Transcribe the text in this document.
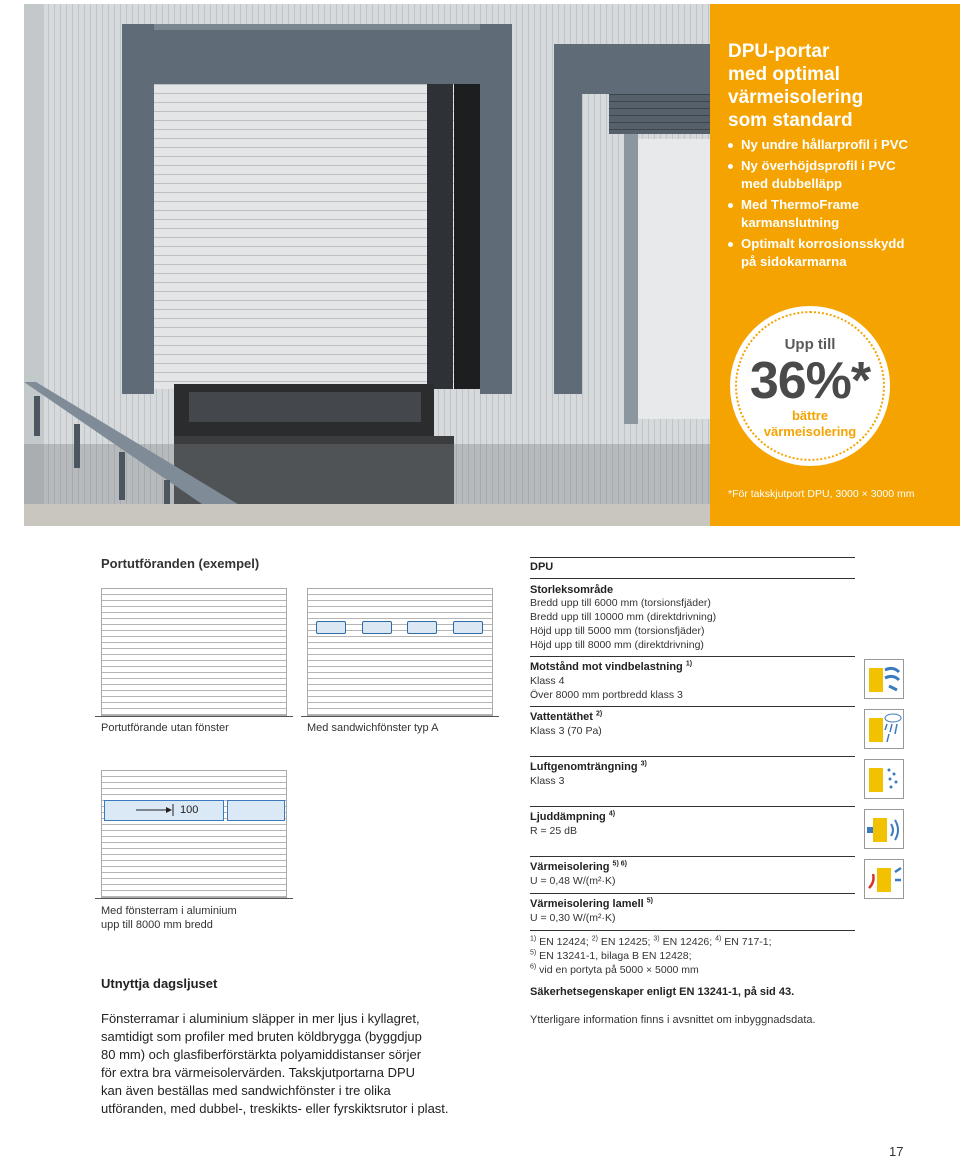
DPU-portar
med optimal
värmeisolering
som standard
Ny undre hållarprofil i PVC
Ny överhöjdsprofil i PVC
med dubbelläpp
Med ThermoFrame
karmanslutning
Optimalt korrosionsskydd
på sidokarmarna
Upp till
36%*
bättre
värmeisolering
*För takskjutport DPU, 3000 × 3000 mm
Portutföranden (exempel)
Portutförande utan fönster	Med sandwichfönster typ A
100
Med fönsterram i aluminium
upp till 8000 mm bredd
Utnyttja dagsljuset
Fönsterramar i aluminium släpper in mer ljus i kyllagret,
samtidigt som profiler med bruten köldbrygga (byggdjup
80 mm) och glasfiberförstärkta polyamiddistanser sörjer
för extra bra värmeisolervärden. Takskjutportarna DPU
kan även beställas med sandwichfönster i tre olika
utföranden, med dubbel-, treskikts- eller fyrskiktsrutor i plast.
DPU
Storleksområde
Bredd upp till 6000 mm (torsionsfjäder)
Bredd upp till 10000 mm (direktdrivning)
Höjd upp till 5000 mm (torsionsfjäder)
Höjd upp till 8000 mm (direktdrivning)
Motstånd mot vindbelastning $^{1)}$
Klass 4
Över 8000 mm portbredd klass 3
Vattentäthet $^{2)}$
Klass 3 (70 Pa)
Luftgenomträngning $^{3)}$
Klass 3
Ljuddämpning $^{4)}$
R = 25 dB
Värmeisolering $^{5) 6)}$
U = 0,48 W/(m²·K)
Värmeisolering lamell $^{5)}$
U = 0,30 W/(m²·K)
$^{1)}$ EN 12424; $^{2)}$ EN 12425; $^{3)}$ EN 12426; $^{4)}$ EN 717-1;
$^{5)}$ EN 13241-1, bilaga B EN 12428;
$^{6)}$ vid en portyta på 5000 × 5000 mm
Säkerhetsegenskaper enligt EN 13241-1, på sid 43.
Ytterligare information finns i avsnittet om inbyggnadsdata.
17
